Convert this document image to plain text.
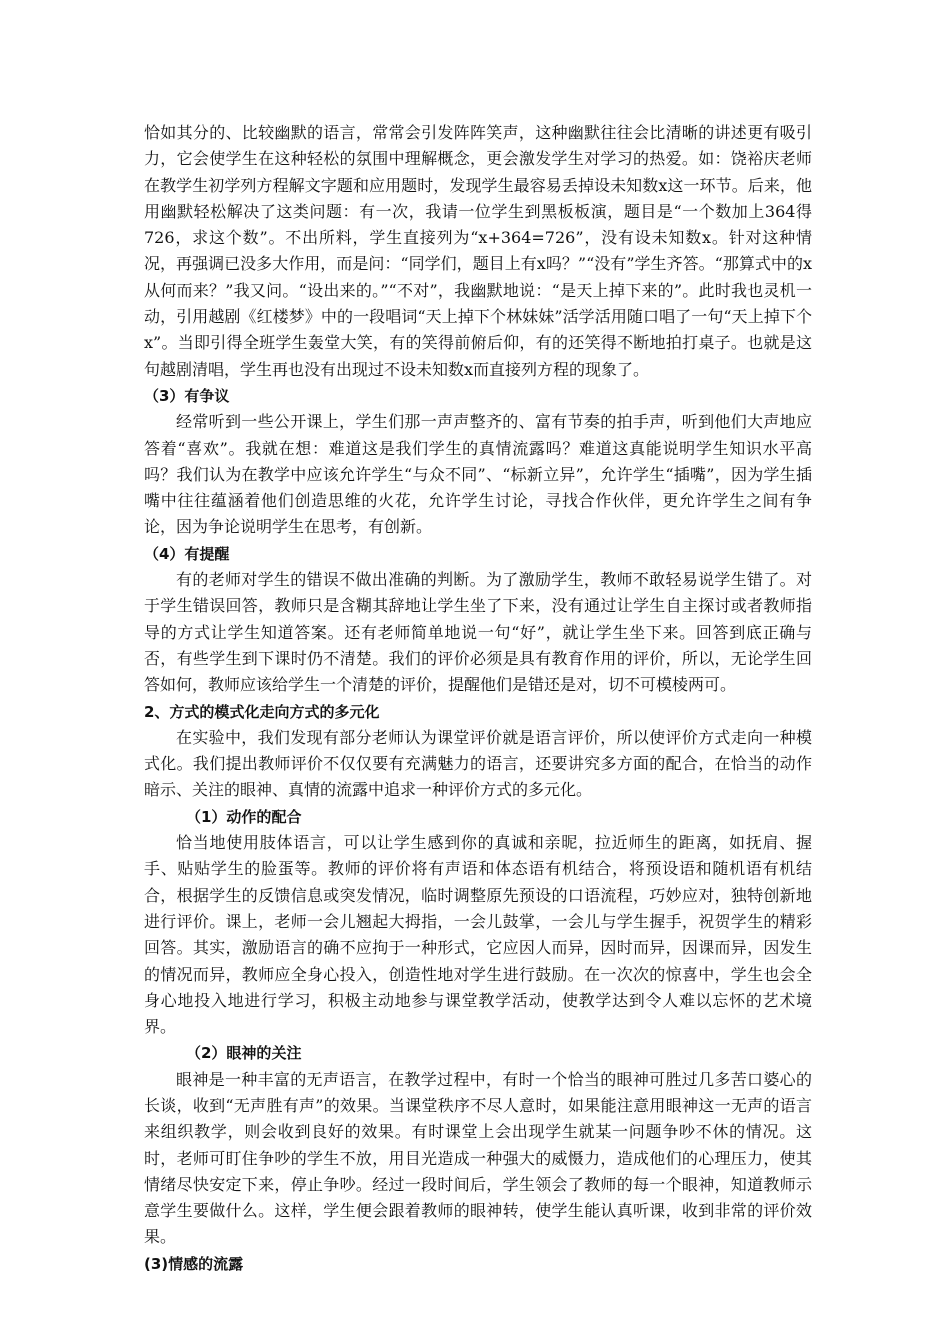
恰如其分的、比较幽默的语言，常常会引发阵阵笑声，这种幽默往往会比清晰的讲述更有吸引力，它会使学生在这种轻松的氛围中理解概念，更会激发学生对学习的热爱。如：饶裕庆老师在教学生初学列方程解文字题和应用题时，发现学生最容易丢掉设未知数x这一环节。后来，他用幽默轻松解决了这类问题：有一次，我请一位学生到黑板板演，题目是“一个数加上364得726，求这个数”。不出所料，学生直接列为“x+364=726”，没有设未知数x。针对这种情况，再强调已没多大作用，而是问：“同学们，题目上有x吗？”“没有”学生齐答。“那算式中的x从何而来？”我又问。“设出来的。”“不对”，我幽默地说：“是天上掉下来的”。此时我也灵机一动，引用越剧《红楼梦》中的一段唱词“天上掉下个林妹妹”活学活用随口唱了一句“天上掉下个x”。当即引得全班学生轰堂大笑，有的笑得前俯后仰，有的还笑得不断地拍打桌子。也就是这句越剧清唱，学生再也没有出现过不设未知数x而直接列方程的现象了。

（3）有争议

经常听到一些公开课上，学生们那一声声整齐的、富有节奏的拍手声，听到他们大声地应答着“喜欢”。我就在想：难道这是我们学生的真情流露吗？难道这真能说明学生知识水平高吗？我们认为在教学中应该允许学生“与众不同”、“标新立异”，允许学生“插嘴”，因为学生插嘴中往往蕴涵着他们创造思维的火花，允许学生讨论，寻找合作伙伴，更允许学生之间有争论，因为争论说明学生在思考，有创新。

（4）有提醒

有的老师对学生的错误不做出准确的判断。为了激励学生，教师不敢轻易说学生错了。对于学生错误回答，教师只是含糊其辞地让学生坐了下来，没有通过让学生自主探讨或者教师指导的方式让学生知道答案。还有老师简单地说一句“好”，就让学生坐下来。回答到底正确与否，有些学生到下课时仍不清楚。我们的评价必须是具有教育作用的评价，所以，无论学生回答如何，教师应该给学生一个清楚的评价，提醒他们是错还是对，切不可模棱两可。

2、方式的模式化走向方式的多元化

在实验中，我们发现有部分老师认为课堂评价就是语言评价，所以使评价方式走向一种模式化。我们提出教师评价不仅仅要有充满魅力的语言，还要讲究多方面的配合，在恰当的动作暗示、关注的眼神、真情的流露中追求一种评价方式的多元化。

（1）动作的配合

恰当地使用肢体语言，可以让学生感到你的真诚和亲昵，拉近师生的距离，如抚肩、握手、贴贴学生的脸蛋等。教师的评价将有声语和体态语有机结合，将预设语和随机语有机结合，根据学生的反馈信息或突发情况，临时调整原先预设的口语流程，巧妙应对，独特创新地进行评价。课上，老师一会儿翘起大拇指，一会儿鼓掌，一会儿与学生握手，祝贺学生的精彩回答。其实，激励语言的确不应拘于一种形式，它应因人而异，因时而异，因课而异，因发生的情况而异，教师应全身心投入，创造性地对学生进行鼓励。在一次次的惊喜中，学生也会全身心地投入地进行学习，积极主动地参与课堂教学活动，使教学达到令人难以忘怀的艺术境界。

（2）眼神的关注

眼神是一种丰富的无声语言，在教学过程中，有时一个恰当的眼神可胜过几多苦口婆心的长谈，收到“无声胜有声”的效果。当课堂秩序不尽人意时，如果能注意用眼神这一无声的语言来组织教学，则会收到良好的效果。有时课堂上会出现学生就某一问题争吵不休的情况。这时，老师可盯住争吵的学生不放，用目光造成一种强大的威慑力，造成他们的心理压力，使其情绪尽快安定下来，停止争吵。经过一段时间后，学生领会了教师的每一个眼神，知道教师示意学生要做什么。这样，学生便会跟着教师的眼神转，使学生能认真听课，收到非常的评价效果。

(3)情感的流露
